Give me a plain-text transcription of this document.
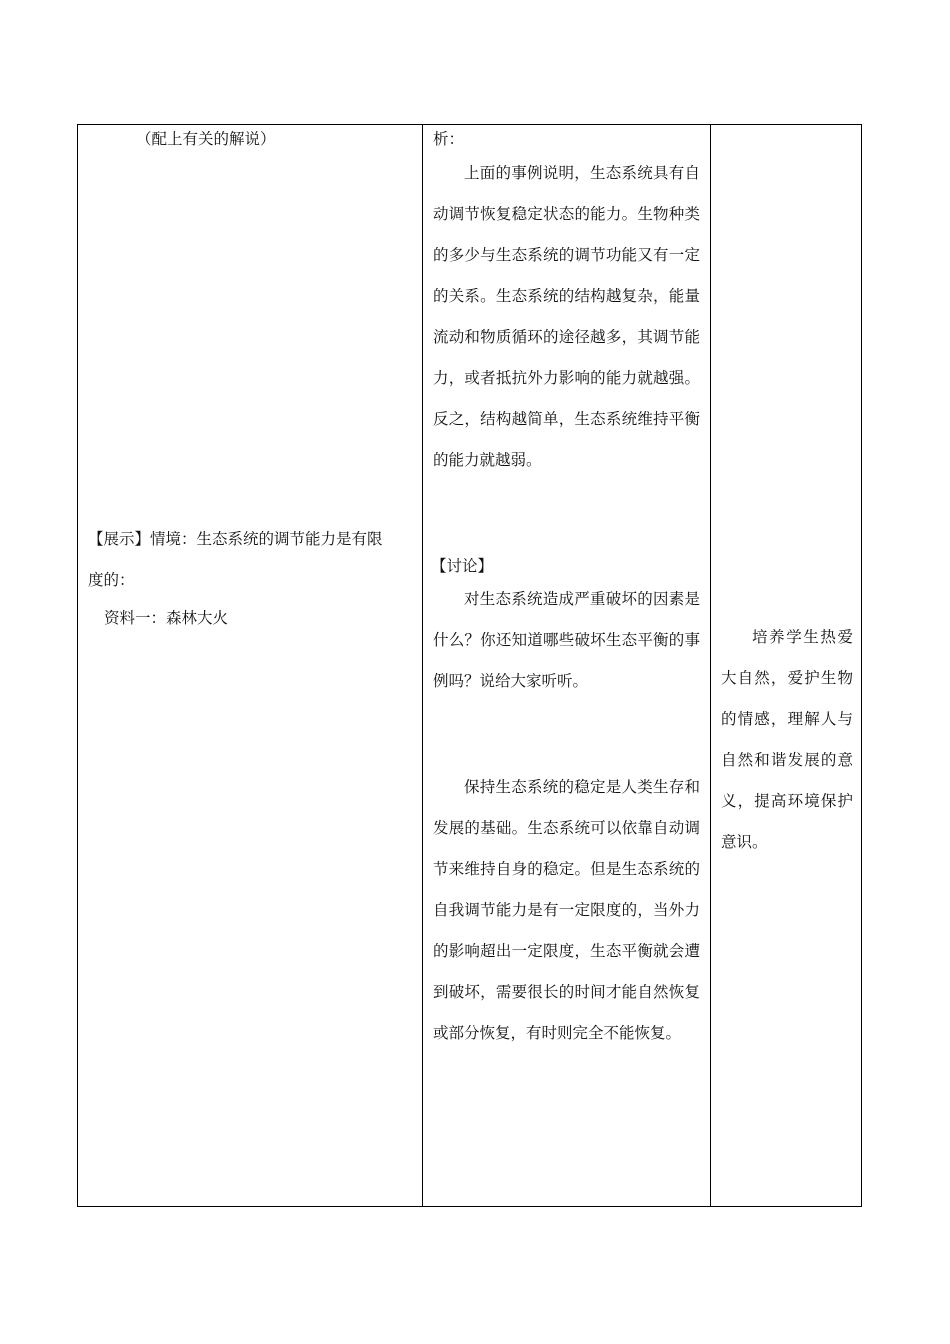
（配上有关的解说）
【展示】情境：生态系统的调节能力是有限
度的：
资料一：森林大火
析：

上面的事例说明，生态系统具有自动调节恢复稳定状态的能力。生物种类的多少与生态系统的调节功能又有一定的关系。生态系统的结构越复杂，能量流动和物质循环的途径越多，其调节能力，或者抵抗外力影响的能力就越强。反之，结构越简单，生态系统维持平衡的能力就越弱。

【讨论】

对生态系统造成严重破坏的因素是什么？你还知道哪些破坏生态平衡的事例吗？说给大家听听。

保持生态系统的稳定是人类生存和发展的基础。生态系统可以依靠自动调节来维持自身的稳定。但是生态系统的自我调节能力是有一定限度的，当外力的影响超出一定限度，生态平衡就会遭到破坏，需要很长的时间才能自然恢复或部分恢复，有时则完全不能恢复。

培养学生热爱大自然，爱护生物的情感，理解人与自然和谐发展的意义，提高环境保护意识。
